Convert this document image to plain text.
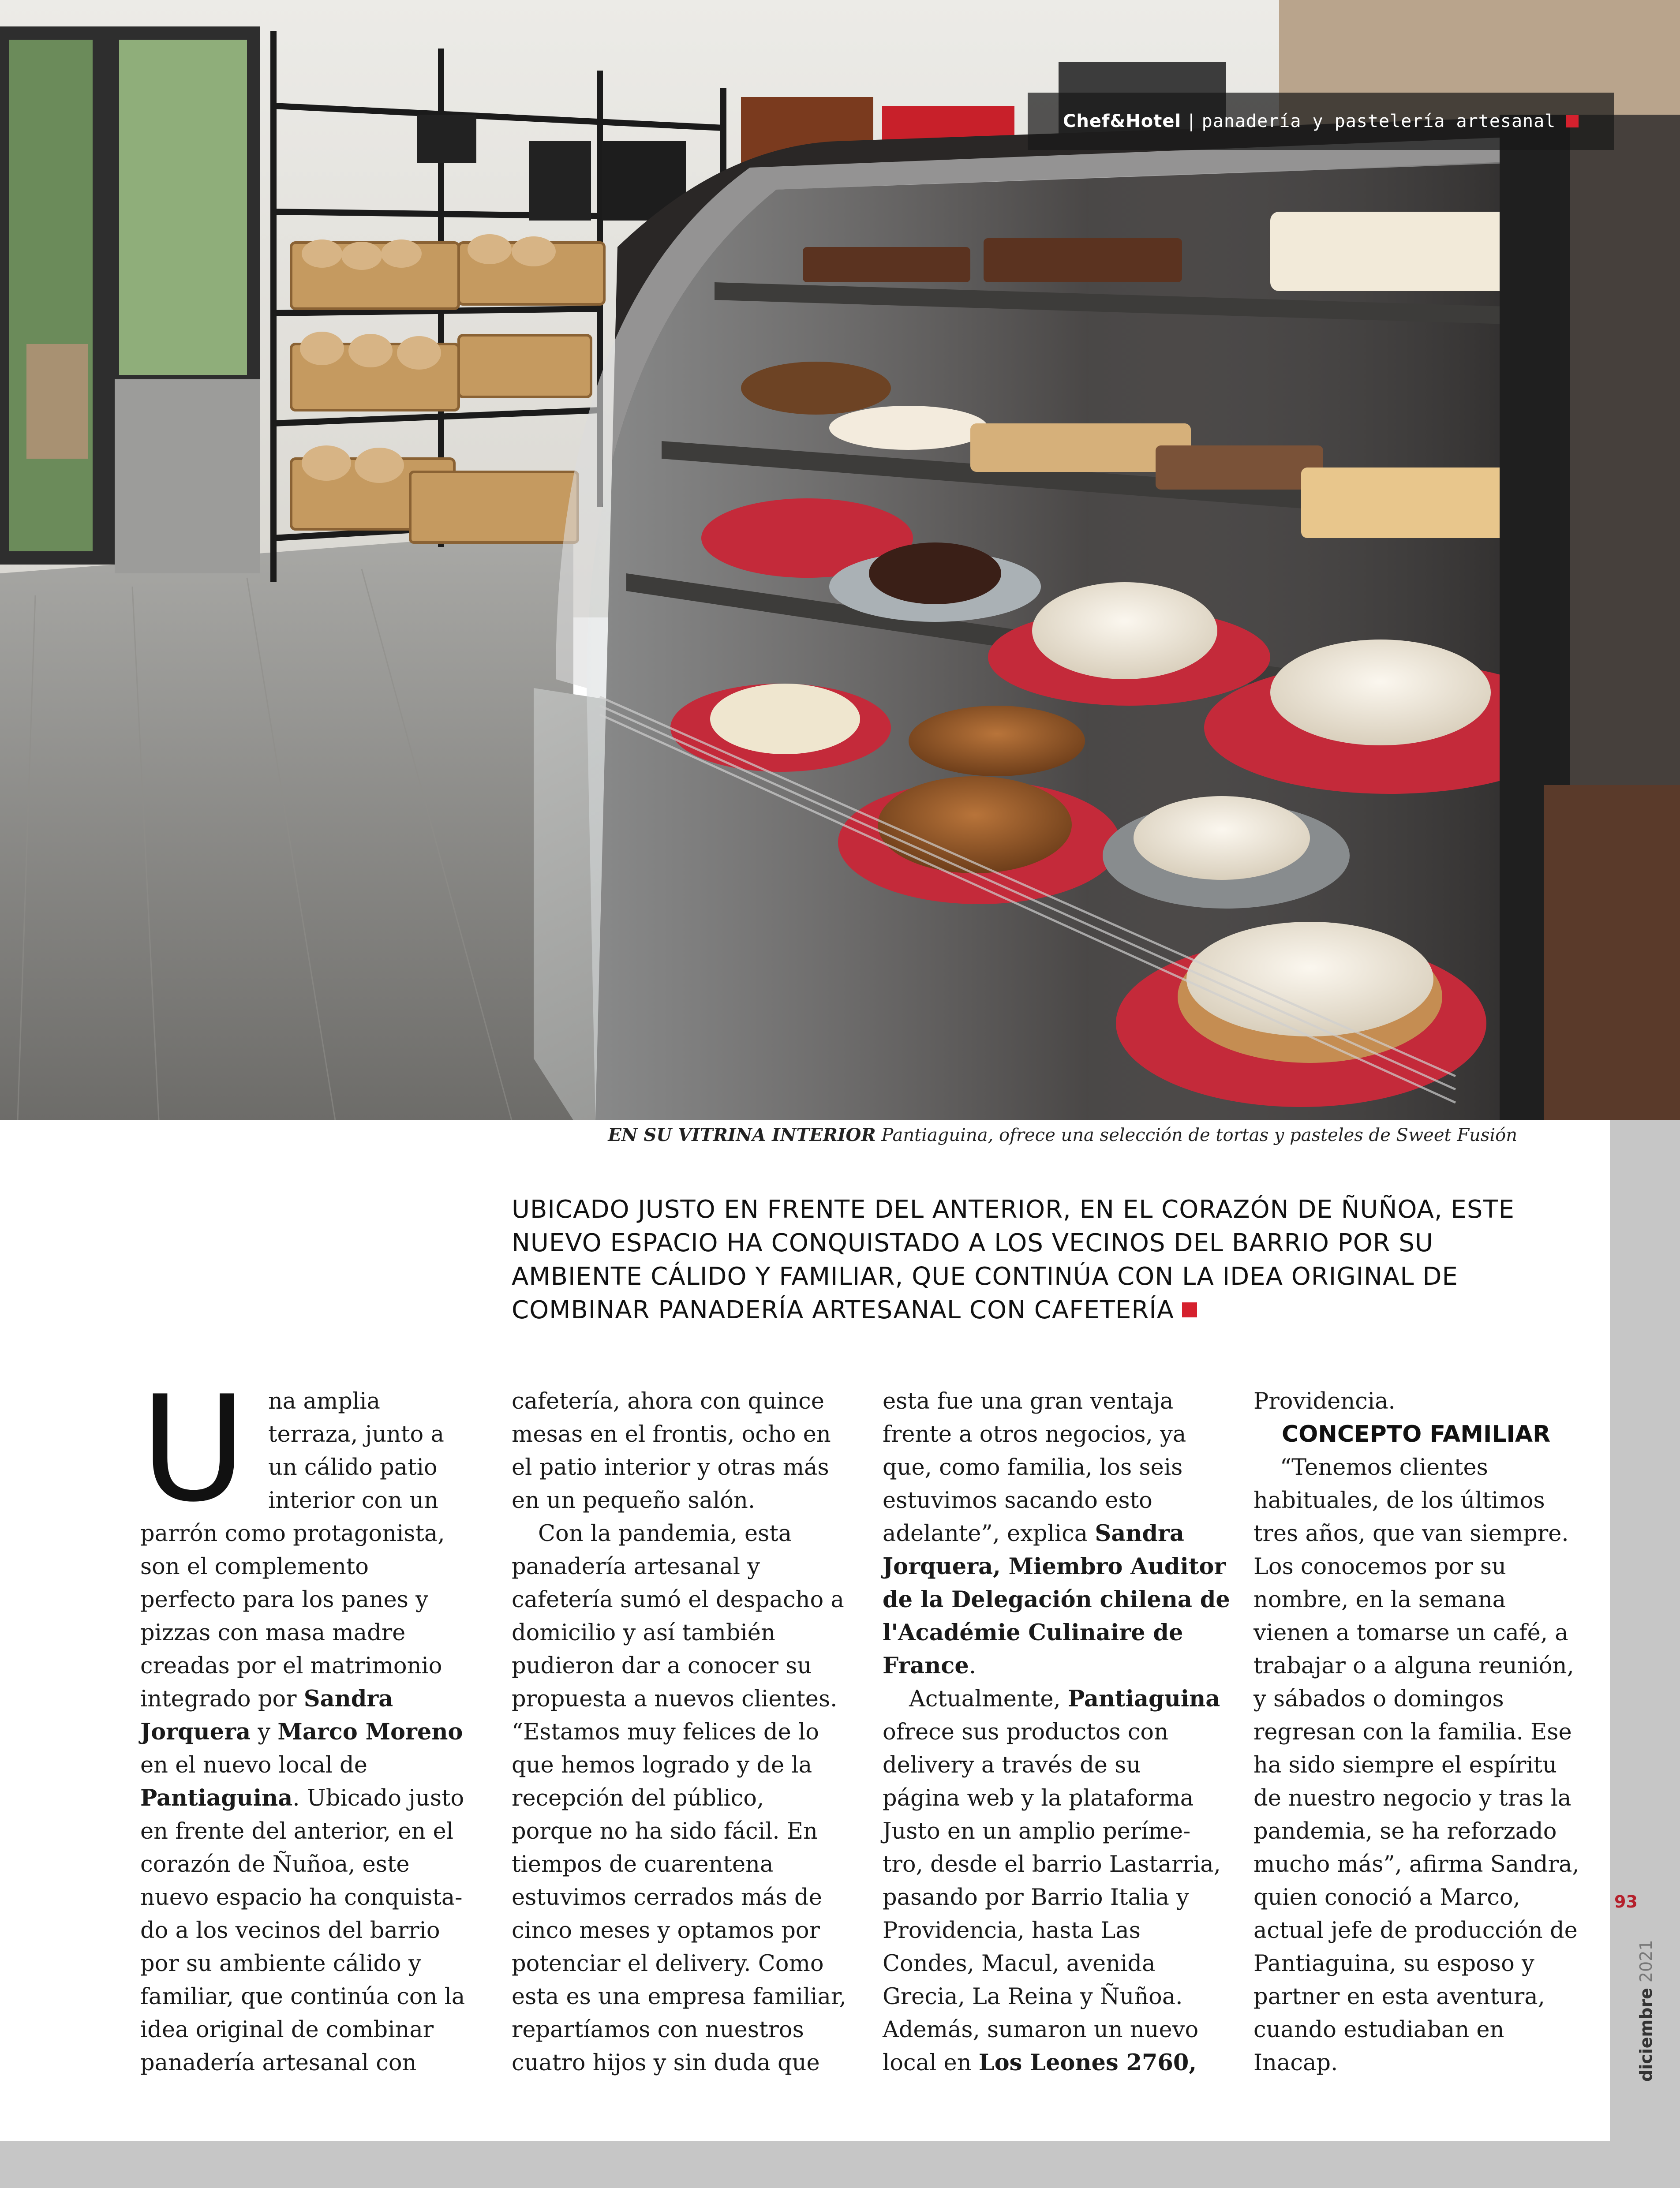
Chef&Hotel | panadería y pastelería artesanal
EN SU VITRINA INTERIOR Pantiaguina, ofrece una selección de tortas y pasteles de Sweet Fusión
UBICADO JUSTO EN FRENTE DEL ANTERIOR, EN EL CORAZÓN DE ÑUÑOA, ESTE
NUEVO ESPACIO HA CONQUISTADO A LOS VECINOS DEL BARRIO POR SU
AMBIENTE CÁLIDO Y FAMILIAR, QUE CONTINÚA CON LA IDEA ORIGINAL DE
COMBINAR PANADERÍA ARTESANAL CON CAFETERÍA
U na amplia
terraza, junto a
un cálido patio
interior con un
parrón como protagonista,
son el complemento
perfecto para los panes y
pizzas con masa madre
creadas por el matrimonio
integrado por Sandra
Jorquera y Marco Moreno
en el nuevo local de
Pantiaguina. Ubicado justo
en frente del anterior, en el
corazón de Ñuñoa, este
nuevo espacio ha conquista-
do a los vecinos del barrio
por su ambiente cálido y
familiar, que continúa con la
idea original de combinar
panadería artesanal con
cafetería, ahora con quince
mesas en el frontis, ocho en
el patio interior y otras más
en un pequeño salón.
Con la pandemia, esta
panadería artesanal y
cafetería sumó el despacho a
domicilio y así también
pudieron dar a conocer su
propuesta a nuevos clientes.
“Estamos muy felices de lo
que hemos logrado y de la
recepción del público,
porque no ha sido fácil. En
tiempos de cuarentena
estuvimos cerrados más de
cinco meses y optamos por
potenciar el delivery. Como
esta es una empresa familiar,
repartíamos con nuestros
cuatro hijos y sin duda que
esta fue una gran ventaja
frente a otros negocios, ya
que, como familia, los seis
estuvimos sacando esto
adelante”, explica Sandra
Jorquera, Miembro Auditor
de la Delegación chilena de
l'Académie Culinaire de
France.
Actualmente, Pantiaguina
ofrece sus productos con
delivery a través de su
página web y la plataforma
Justo en un amplio períme-
tro, desde el barrio Lastarria,
pasando por Barrio Italia y
Providencia, hasta Las
Condes, Macul, avenida
Grecia, La Reina y Ñuñoa.
Además, sumaron un nuevo
local en Los Leones 2760,
Providencia.
CONCEPTO FAMILIAR
“Tenemos clientes
habituales, de los últimos
tres años, que van siempre.
Los conocemos por su
nombre, en la semana
vienen a tomarse un café, a
trabajar o a alguna reunión,
y sábados o domingos
regresan con la familia. Ese
ha sido siempre el espíritu
de nuestro negocio y tras la
pandemia, se ha reforzado
mucho más”, afirma Sandra,
quien conoció a Marco,
actual jefe de producción de
Pantiaguina, su esposo y
partner en esta aventura,
cuando estudiaban en
Inacap.
93
diciembre2021
